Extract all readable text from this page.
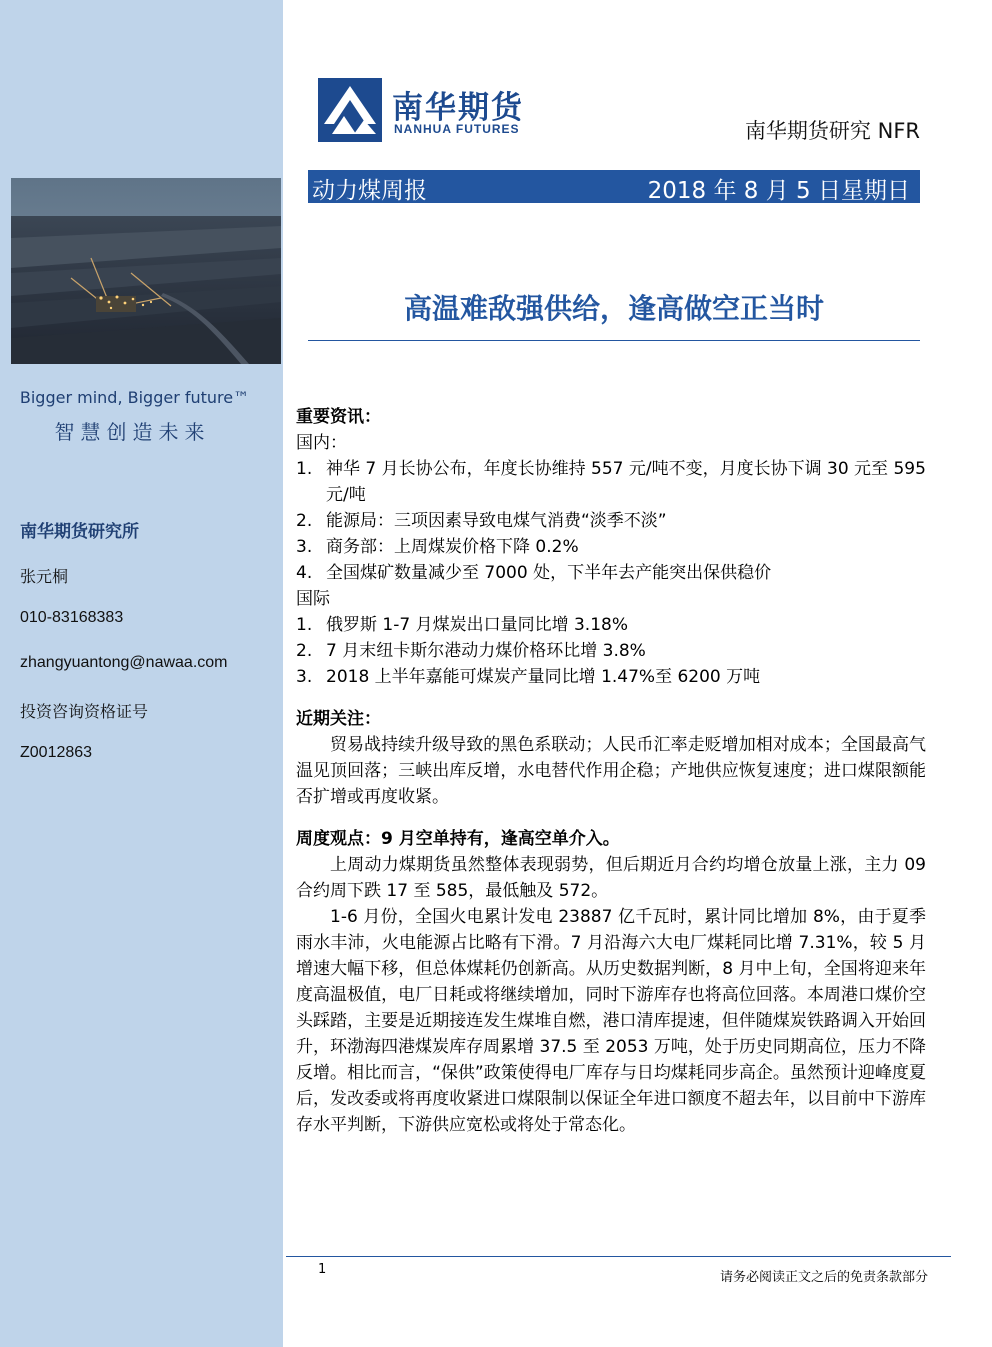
Bigger mind, Bigger future™
智慧创造未来
南华期货研究所
张元桐
010-83168383
zhangyuantong@nawaa.com
投资咨询资格证号
Z0012863
南华期货
NANHUA FUTURES	南华期货研究 NFR
动力煤周报	2018 年 8 月 5 日星期日
高温难敌强供给，逢高做空正当时
重要资讯：
国内：
1. 神华 7 月长协公布，年度长协维持 557 元/吨不变，月度长协下调 30 元至 595 元/吨
2. 能源局：三项因素导致电煤气消费“淡季不淡”
3. 商务部：上周煤炭价格下降 0.2%
4. 全国煤矿数量减少至 7000 处，下半年去产能突出保供稳价
国际
1. 俄罗斯 1-7 月煤炭出口量同比增 3.18%
2. 7 月末纽卡斯尔港动力煤价格环比增 3.8%
3. 2018 上半年嘉能可煤炭产量同比增 1.47%至 6200 万吨
近期关注：
贸易战持续升级导致的黑色系联动；人民币汇率走贬增加相对成本；全国最高气温见顶回落；三峡出库反增，水电替代作用企稳；产地供应恢复速度；进口煤限额能否扩增或再度收紧。
周度观点：9 月空单持有，逢高空单介入。
上周动力煤期货虽然整体表现弱势，但后期近月合约均增仓放量上涨，主力 09 合约周下跌 17 至 585，最低触及 572。
1-6 月份，全国火电累计发电 23887 亿千瓦时，累计同比增加 8%，由于夏季雨水丰沛，火电能源占比略有下滑。7 月沿海六大电厂煤耗同比增 7.31%，较 5 月增速大幅下移，但总体煤耗仍创新高。从历史数据判断，8 月中上旬，全国将迎来年度高温极值，电厂日耗或将继续增加，同时下游库存也将高位回落。本周港口煤价空头踩踏，主要是近期接连发生煤堆自燃，港口清库提速，但伴随煤炭铁路调入开始回升，环渤海四港煤炭库存周累增 37.5 至 2053 万吨，处于历史同期高位，压力不降反增。相比而言，“保供”政策使得电厂库存与日均煤耗同步高企。虽然预计迎峰度夏后，发改委或将再度收紧进口煤限制以保证全年进口额度不超去年，以目前中下游库存水平判断，下游供应宽松或将处于常态化。
1
请务必阅读正文之后的免责条款部分
